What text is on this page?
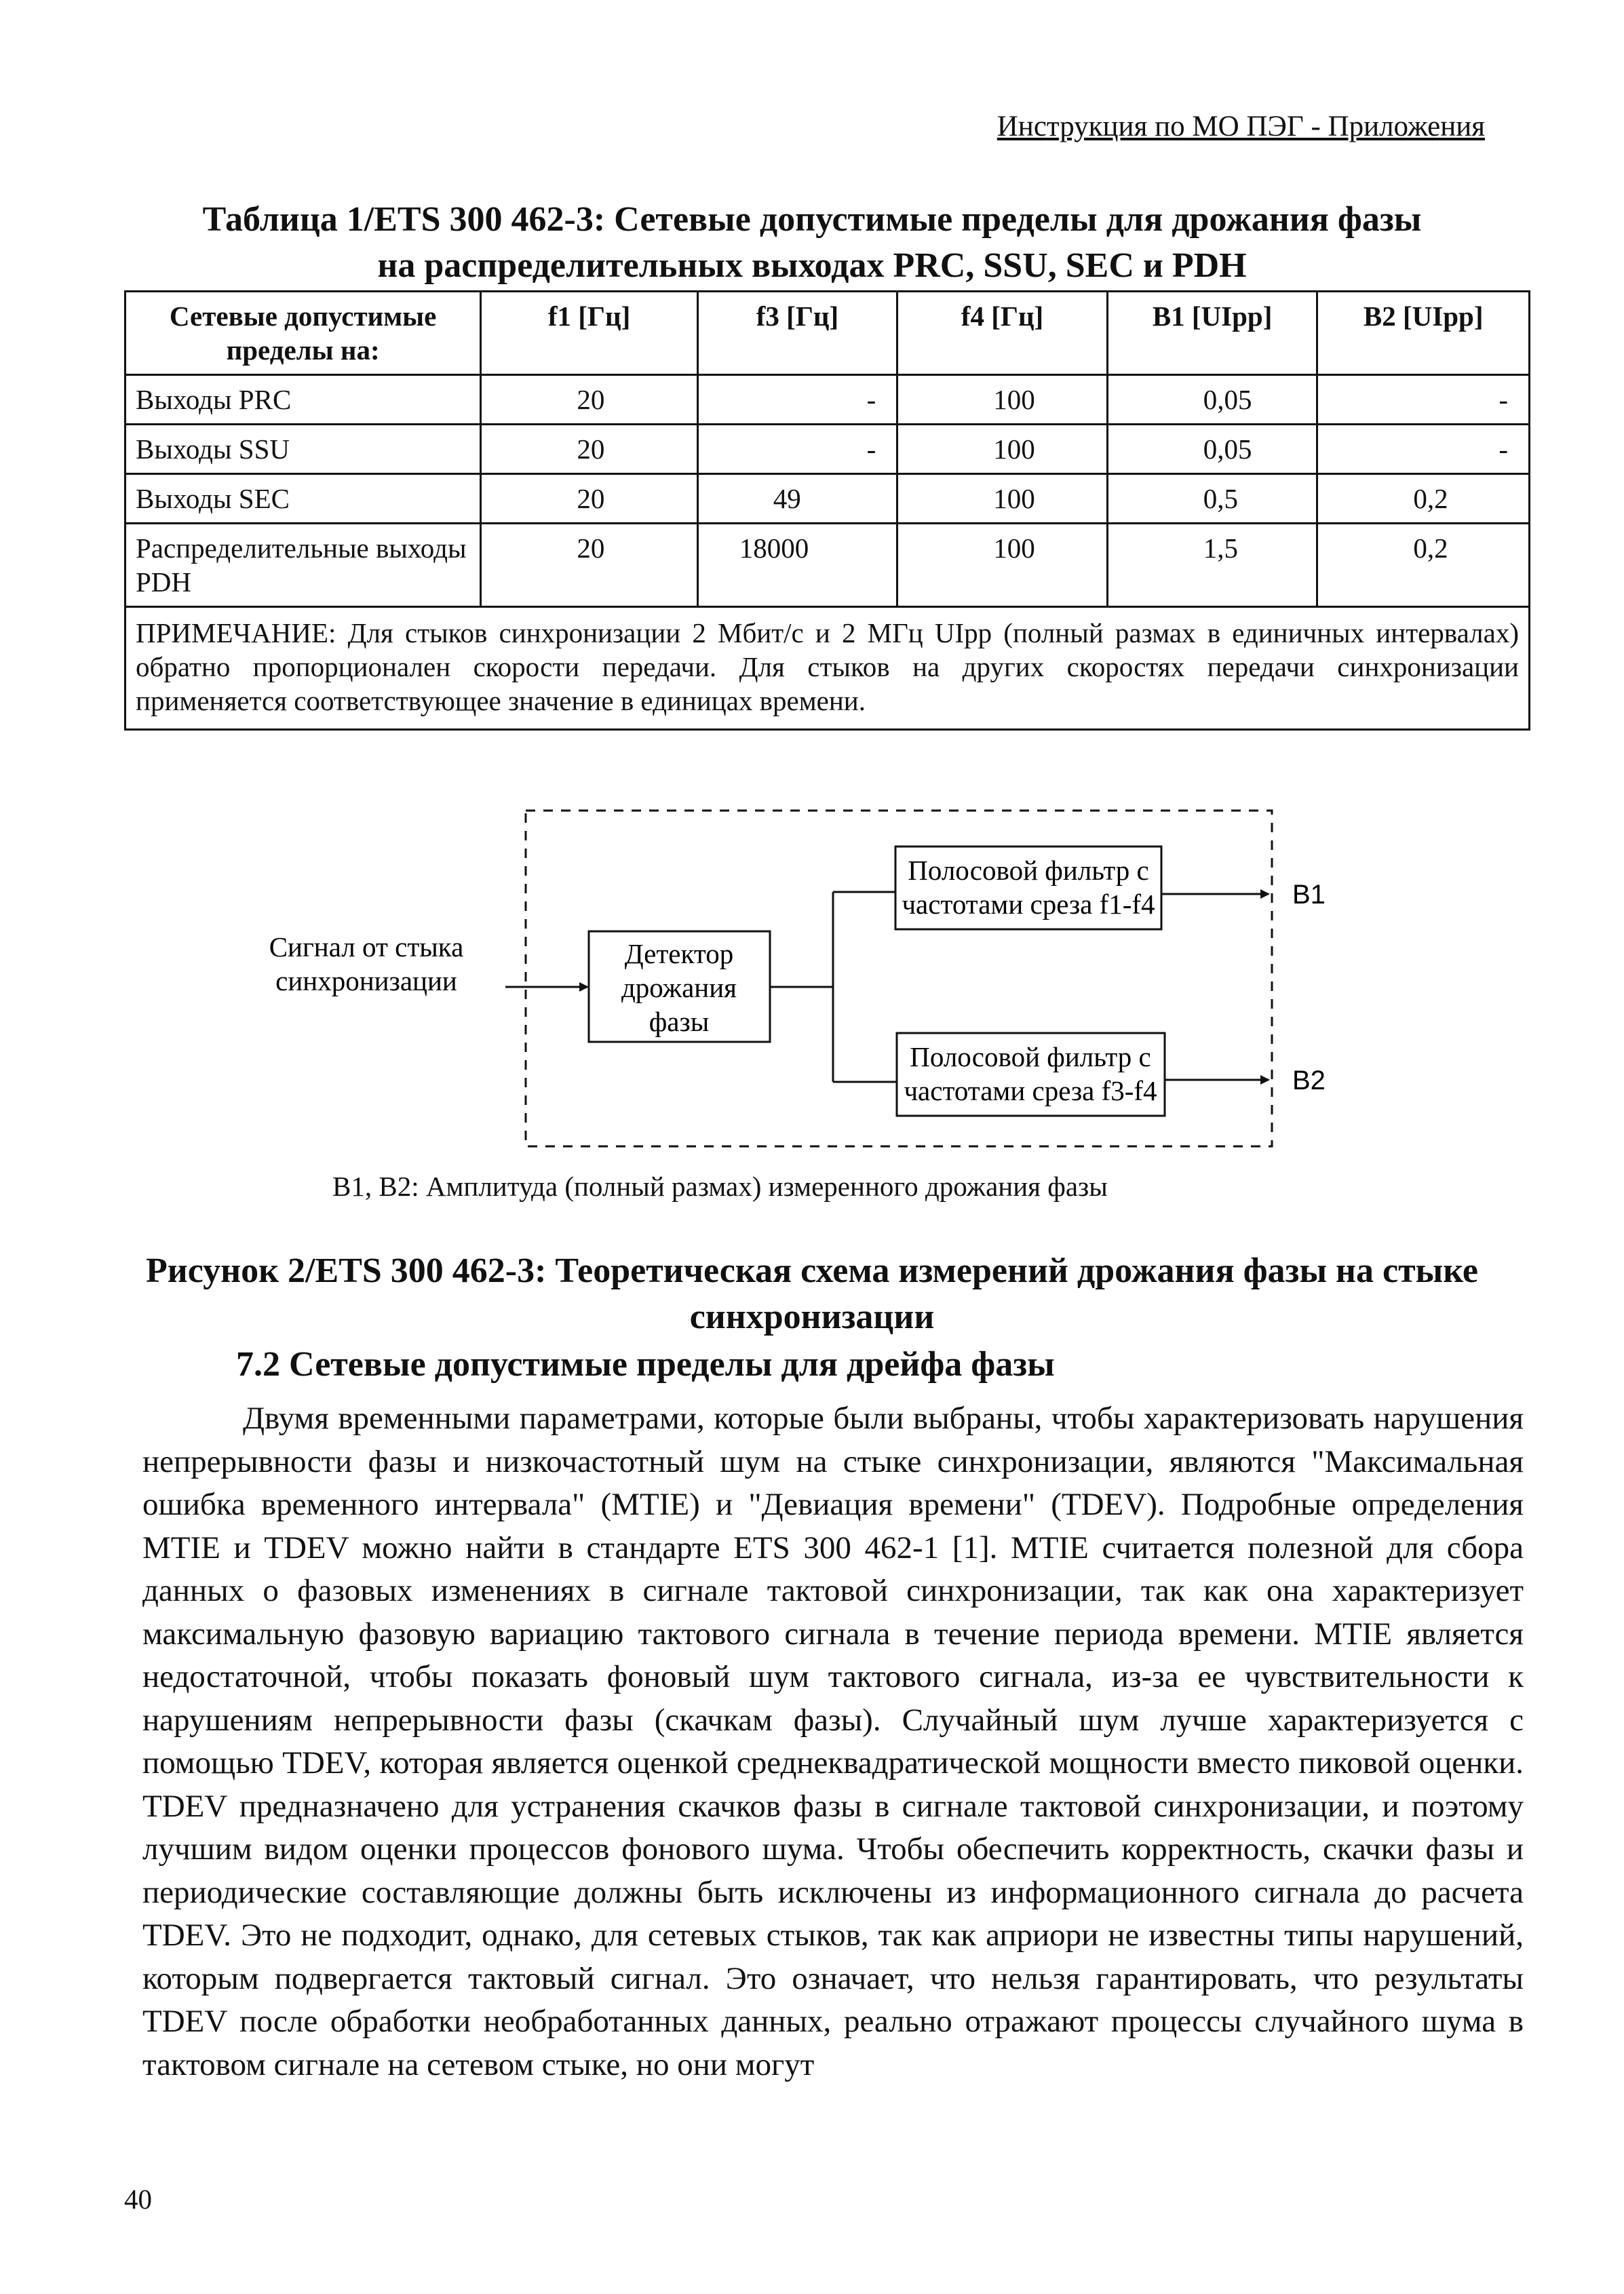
Инструкция по МО ПЭГ - Приложения
Таблица 1/ETS 300 462-3: Сетевые допустимые пределы для дрожания фазы
на распределительных выходах PRC, SSU, SEC и PDH
Сетевые допустимые пределы на:	f1 [Гц]	f3 [Гц]	f4 [Гц]	B1 [UIpp]	B2 [UIpp]
Выходы PRC	20	-	100	0,05	-
Выходы SSU	20	-	100	0,05	-
Выходы SEC	20	49	100	0,5	0,2
Распределительные выходы PDH	20	18000	100	1,5	0,2
ПРИМЕЧАНИЕ: Для стыков синхронизации 2 Мбит/с и 2 МГц UIpp (полный размах в единичных интервалах) обратно пропорционален скорости передачи. Для стыков на других скоростях передачи синхронизации применяется соответствующее значение в единицах времени.					
Сигнал от стыка
синхронизации
Детектор
дрожания
фазы
Полосовой фильтр с
частотами среза f1-f4
Полосовой фильтр с
частотами среза f3-f4
B1
B2
B1, B2: Амплитуда (полный размах) измеренного дрожания фазы
Рисунок 2/ETS 300 462-3: Теоретическая схема измерений дрожания фазы на стыке
синхронизации
7.2 Сетевые допустимые пределы для дрейфа фазы

Двумя временными параметрами, которые были выбраны, чтобы характеризовать нарушения непрерывности фазы и низкочастотный шум на стыке синхронизации, являются "Максимальная ошибка временного интервала" (MTIE) и "Девиация времени" (TDEV). Подробные определения MTIE и TDEV можно найти в стандарте ETS 300 462-1 [1]. MTIE считается полезной для сбора данных о фазовых изменениях в сигнале тактовой синхронизации, так как она характеризует максимальную фазовую вариацию тактового сигнала в течение периода времени. MTIE является недостаточной, чтобы показать фоновый шум тактового сигнала, из-за ее чувствительности к нарушениям непрерывности фазы (скачкам фазы). Случайный шум лучше характеризуется с помощью TDEV, которая является оценкой среднеквадратической мощности вместо пиковой оценки. TDEV предназначено для устранения скачков фазы в сигнале тактовой синхронизации, и поэтому лучшим видом оценки процессов фонового шума. Чтобы обеспечить корректность, скачки фазы и периодические составляющие должны быть исключены из информационного сигнала до расчета TDEV. Это не подходит, однако, для сетевых стыков, так как априори не известны типы нарушений, которым подвергается тактовый сигнал. Это означает, что нельзя гарантировать, что результаты TDEV после обработки необработанных данных, реально отражают процессы случайного шума в тактовом сигнале на сетевом стыке, но они могут

40
